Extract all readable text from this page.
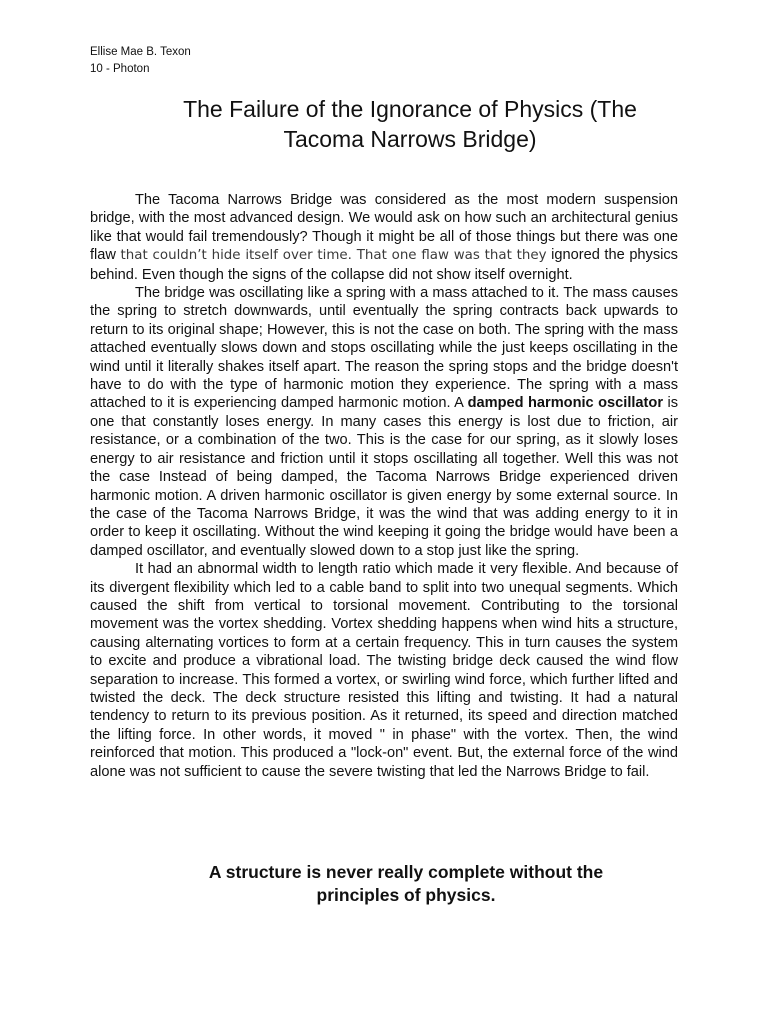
Ellise Mae B. Texon
10 - Photon
The Failure of the Ignorance of Physics (The
Tacoma Narrows Bridge)

The Tacoma Narrows Bridge was considered as the most modern suspension bridge, with the most advanced design. We would ask on how such an architectural genius like that would fail tremendously? Though it might be all of those things but there was one flaw that couldn’t hide itself over time. That one flaw was that they ignored the physics behind. Even though the signs of the collapse did not show itself overnight.

The bridge was oscillating like a spring with a mass attached to it. The mass causes the spring to stretch downwards, until eventually the spring contracts back upwards to return to its original shape; However, this is not the case on both. The spring with the mass attached eventually slows down and stops oscillating while the just keeps oscillating in the wind until it literally shakes itself apart. The reason the spring stops and the bridge doesn't have to do with the type of harmonic motion they experience. The spring with a mass attached to it is experiencing damped harmonic motion. A damped harmonic oscillator is one that constantly loses energy. In many cases this energy is lost due to friction, air resistance, or a combination of the two. This is the case for our spring, as it slowly loses energy to air resistance and friction until it stops oscillating all together. Well this was not the case Instead of being damped, the Tacoma Narrows Bridge experienced driven harmonic motion. A driven harmonic oscillator is given energy by some external source. In the case of the Tacoma Narrows Bridge, it was the wind that was adding energy to it in order to keep it oscillating. Without the wind keeping it going the bridge would have been a damped oscillator, and eventually slowed down to a stop just like the spring.

It had an abnormal width to length ratio which made it very flexible. And because of its divergent flexibility which led to a cable band to split into two unequal segments. Which caused the shift from vertical to torsional movement. Contributing to the torsional movement was the vortex shedding. Vortex shedding happens when wind hits a structure, causing alternating vortices to form at a certain frequency. This in turn causes the system to excite and produce a vibrational load. The twisting bridge deck caused the wind flow separation to increase. This formed a vortex, or swirling wind force, which further lifted and twisted the deck. The deck structure resisted this lifting and twisting. It had a natural tendency to return to its previous position. As it returned, its speed and direction matched the lifting force. In other words, it moved " in phase" with the vortex. Then, the wind reinforced that motion. This produced a "lock-on" event. But, the external force of the wind alone was not sufficient to cause the severe twisting that led the Narrows Bridge to fail.

A structure is never really complete without the
principles of physics.
